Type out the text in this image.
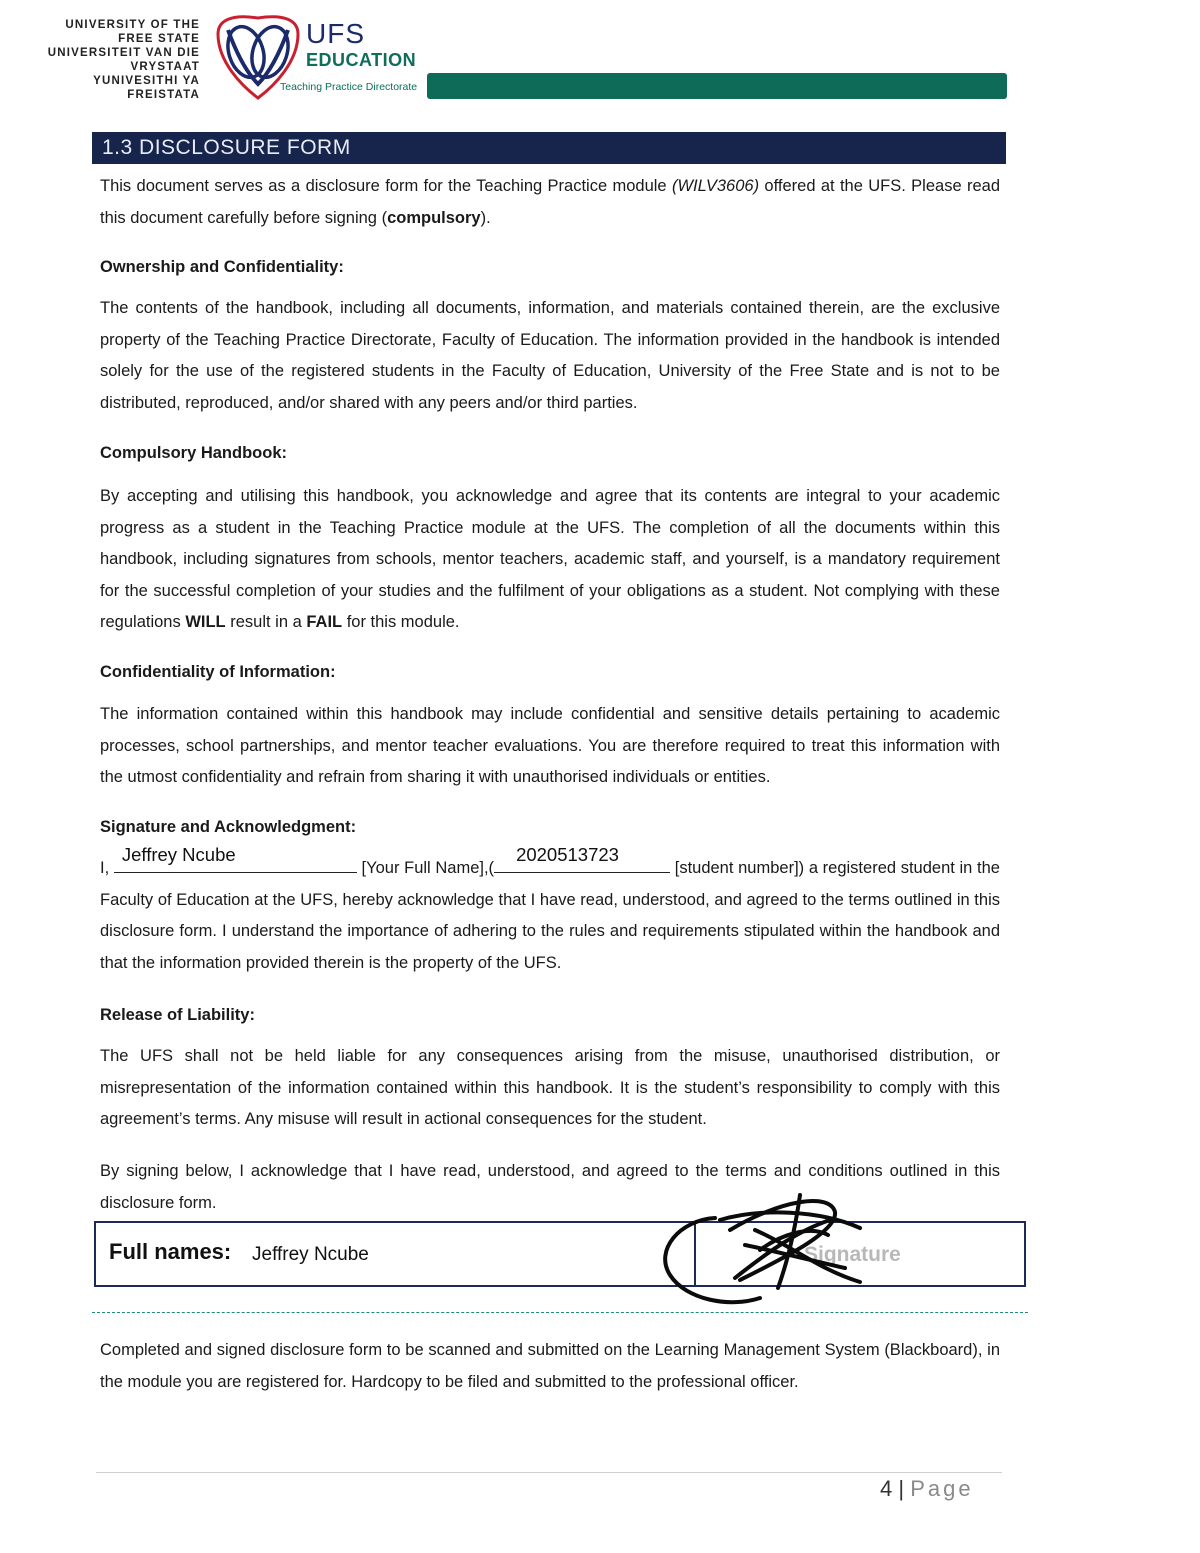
UNIVERSITY OF THE
FREE STATE
UNIVERSITEIT VAN DIE
VRYSTAAT
YUNIVESITHI YA
FREISTATA
UFS
EDUCATION
Teaching Practice Directorate
1.3 DISCLOSURE FORM

This document serves as a disclosure form for the Teaching Practice module (WILV3606) offered at the UFS. Please read this document carefully before signing (compulsory).

Ownership and Confidentiality:

The contents of the handbook, including all documents, information, and materials contained therein, are the exclusive property of the Teaching Practice Directorate, Faculty of Education. The information provided in the handbook is intended solely for the use of the registered students in the Faculty of Education, University of the Free State and is not to be distributed, reproduced, and/or shared with any peers and/or third parties.

Compulsory Handbook:

By accepting and utilising this handbook, you acknowledge and agree that its contents are integral to your academic progress as a student in the Teaching Practice module at the UFS. The completion of all the documents within this handbook, including signatures from schools, mentor teachers, academic staff, and yourself, is a mandatory requirement for the successful completion of your studies and the fulfilment of your obligations as a student. Not complying with these regulations WILL result in a FAIL for this module.

Confidentiality of Information:

The information contained within this handbook may include confidential and sensitive details pertaining to academic processes, school partnerships, and mentor teacher evaluations. You are therefore required to treat this information with the utmost confidentiality and refrain from sharing it with unauthorised individuals or entities.

Signature and Acknowledgment:

I,
Jeffrey Ncube
[Your Full Name],(
2020513723
[student number]) a registered student in the Faculty of Education at the UFS, hereby acknowledge that I have read, understood, and agreed to the terms outlined in this disclosure form. I understand the importance of adhering to the rules and requirements stipulated within the handbook and that the information provided therein is the property of the UFS.

Release of Liability:

The UFS shall not be held liable for any consequences arising from the misuse, unauthorised distribution, or misrepresentation of the information contained within this handbook. It is the student’s responsibility to comply with this agreement’s terms. Any misuse will result in actional consequences for the student.

By signing below, I acknowledge that I have read, understood, and agreed to the terms and conditions outlined in this disclosure form.

Full names: Jeffrey Ncube	Signature

Completed and signed disclosure form to be scanned and submitted on the Learning Management System (Blackboard), in the module you are registered for. Hardcopy to be filed and submitted to the professional officer.

4 | Page
